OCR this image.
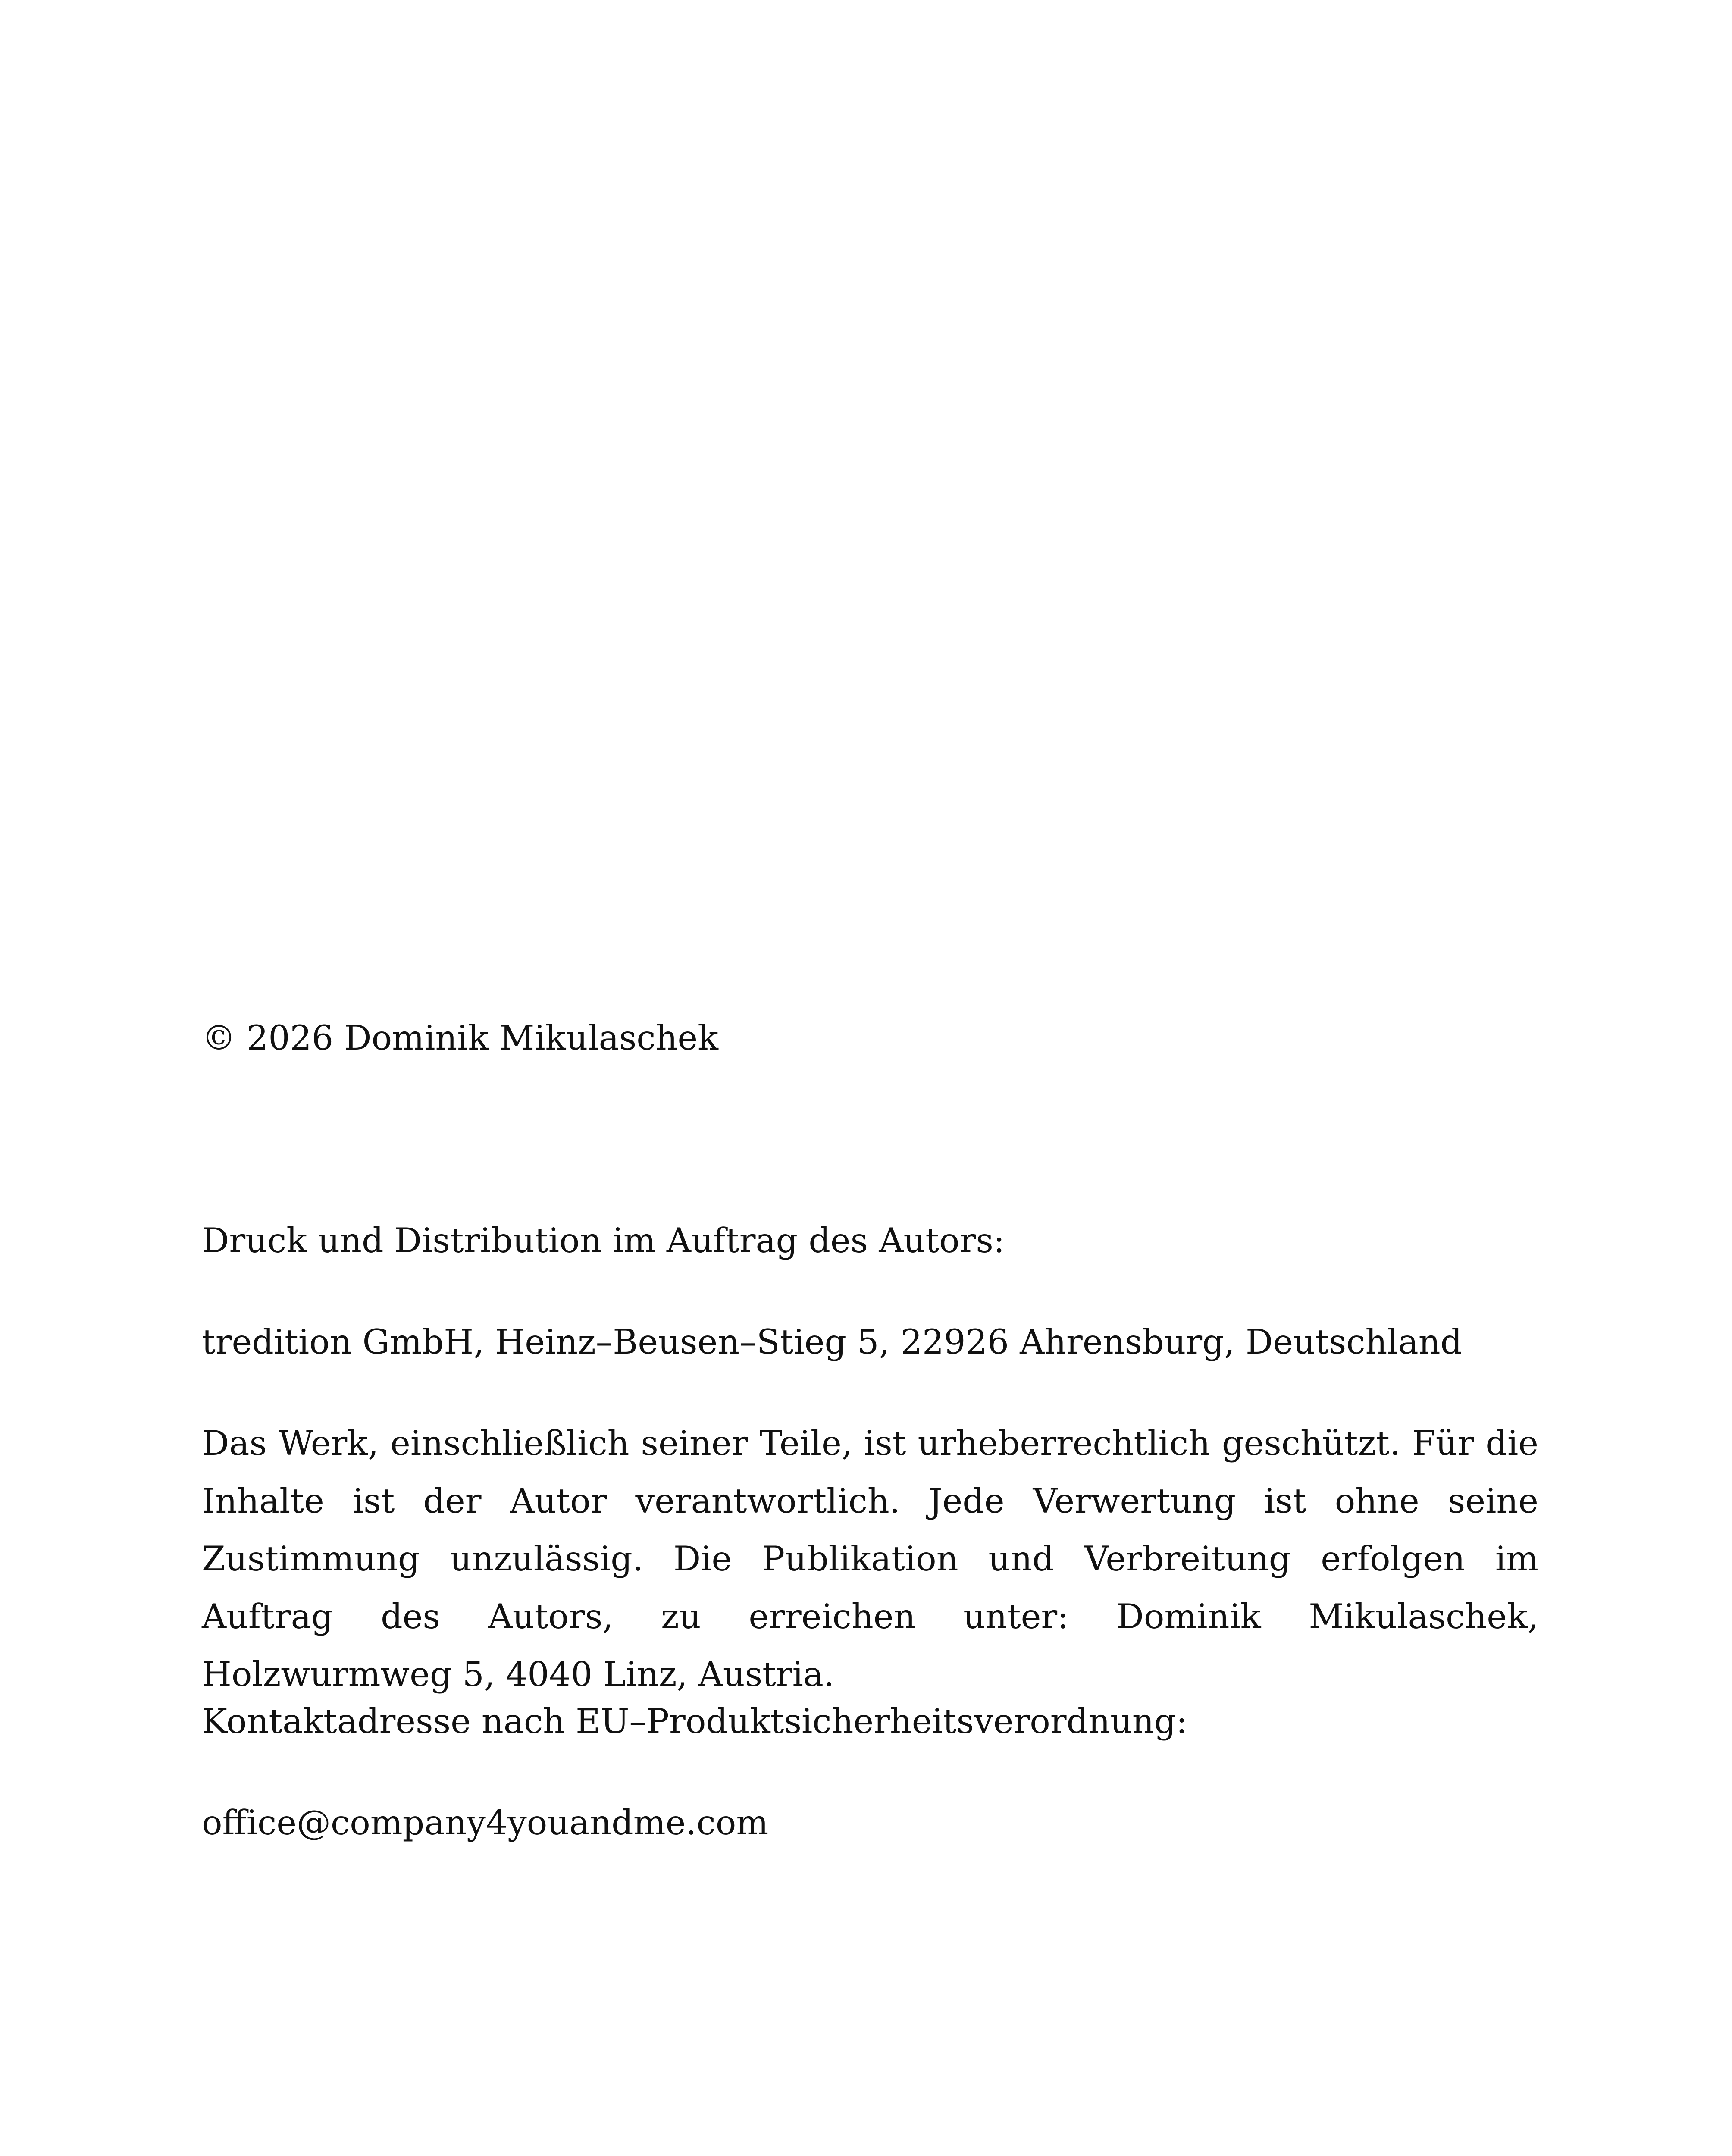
© 2026 Dominik Mikulaschek

Druck und Distribution im Auftrag des Autors:

tredition GmbH, Heinz–Beusen–Stieg 5, 22926 Ahrensburg, Deutschland

Das Werk, einschließlich seiner Teile, ist urheberrechtlich geschützt. Für die Inhalte ist der Autor verantwortlich. Jede Verwertung ist ohne seine Zustimmung unzulässig. Die Publikation und Verbreitung erfolgen im Auftrag des Autors, zu erreichen unter: Dominik Mikulaschek, Holzwurmweg 5, 4040 Linz, Austria.

Kontaktadresse nach EU–Produktsicherheitsverordnung:

office@company4youandme.com
